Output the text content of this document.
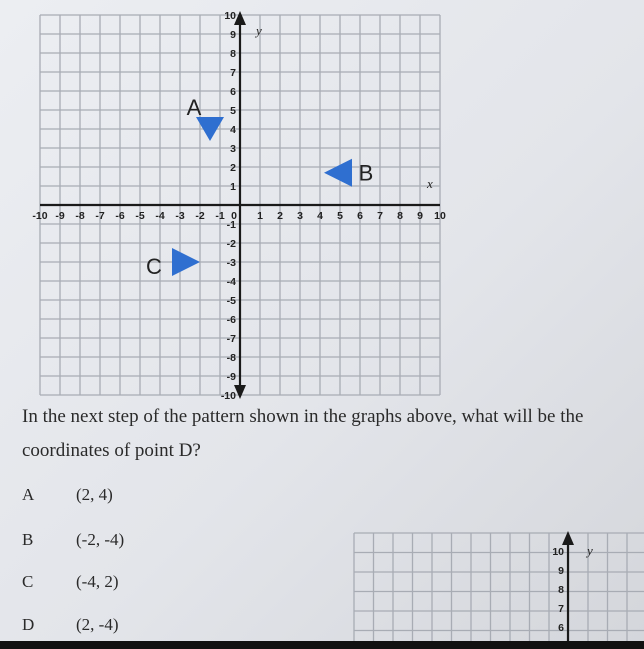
-10 -9 -8 -7 -6 -5 -4 -3 -2 -1 0 1 2 3 4 5 6 7 8 9 10
10
9
8
7
6
5
4
3
2
1
-1
-2
-3
-4
-5
-6
-7
-8
-9
-10
A
B
C
y
x
In the next step of the pattern shown in the graphs above, what will be the
coordinates of point D?
A (2, 4)
B	(-2, -4)
C	(-4, 2)
D (2, -4)
10
9
8
7
6
y
